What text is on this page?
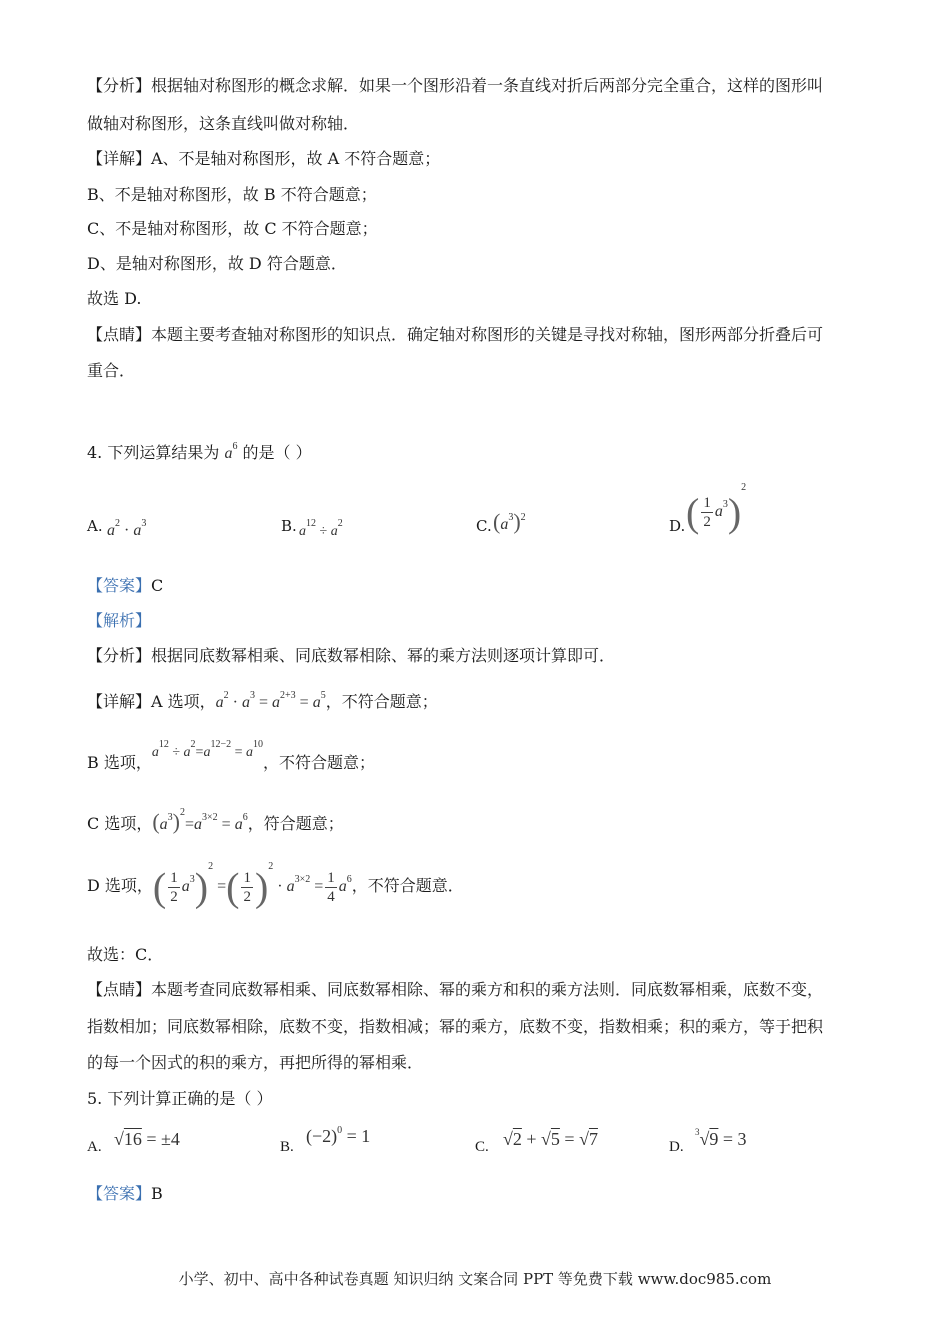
【分析】根据轴对称图形的概念求解．如果一个图形沿着一条直线对折后两部分完全重合，这样的图形叫
做轴对称图形，这条直线叫做对称轴．
【详解】A、不是轴对称图形，故 A 不符合题意；
B、不是轴对称图形，故 B 不符合题意；
C、不是轴对称图形，故 C 不符合题意；
D、是轴对称图形，故 D 符合题意．
故选 D.
【点睛】本题主要考查轴对称图形的知识点．确定轴对称图形的关键是寻找对称轴，图形两部分折叠后可
重合．
4. 下列运算结果为 $a^6$ 的是（ ）
A. $a^2 \cdot a^3$	B. $a^{12} \div a^2$	C. $(a^3)^2$	D. ( $\frac{1}{2} a^3)^2$
【答案】C
【解析】
【分析】根据同底数幂相乘、同底数幂相除、幂的乘方法则逐项计算即可．
【详解】A 选项，$a^2 \cdot a^3 = a^{2+3} = a^5$，不符合题意；
B 选项，$a^{12} \div a^2=a^{12-2} = a^{10}$，不符合题意；
C 选项，$(a^3)^2=a^{3\times 2} = a^6$，符合题意；
D 选项，( $\frac{1}{2} a^3)^2$ =( $\frac{1}{2} )^2 \cdot a^{3\times 2} = \frac{1}{4} a^6$，不符合题意．
故选：C．
【点睛】本题考查同底数幂相乘、同底数幂相除、幂的乘方和积的乘方法则．同底数幂相乘，底数不变，
指数相加；同底数幂相除，底数不变，指数相减；幂的乘方，底数不变，指数相乘；积的乘方，等于把积
的每一个因式的积的乘方，再把所得的幂相乘．
5. 下列计算正确的是（ ）
A. √16 = ±4	B.
$(-2)^0 = 1$
C. √2 + √5 = √7	D.
$^3$√9 = 3
【答案】B
小学、初中、高中各种试卷真题 知识归纳 文案合同 PPT 等免费下载 www.doc985.com
